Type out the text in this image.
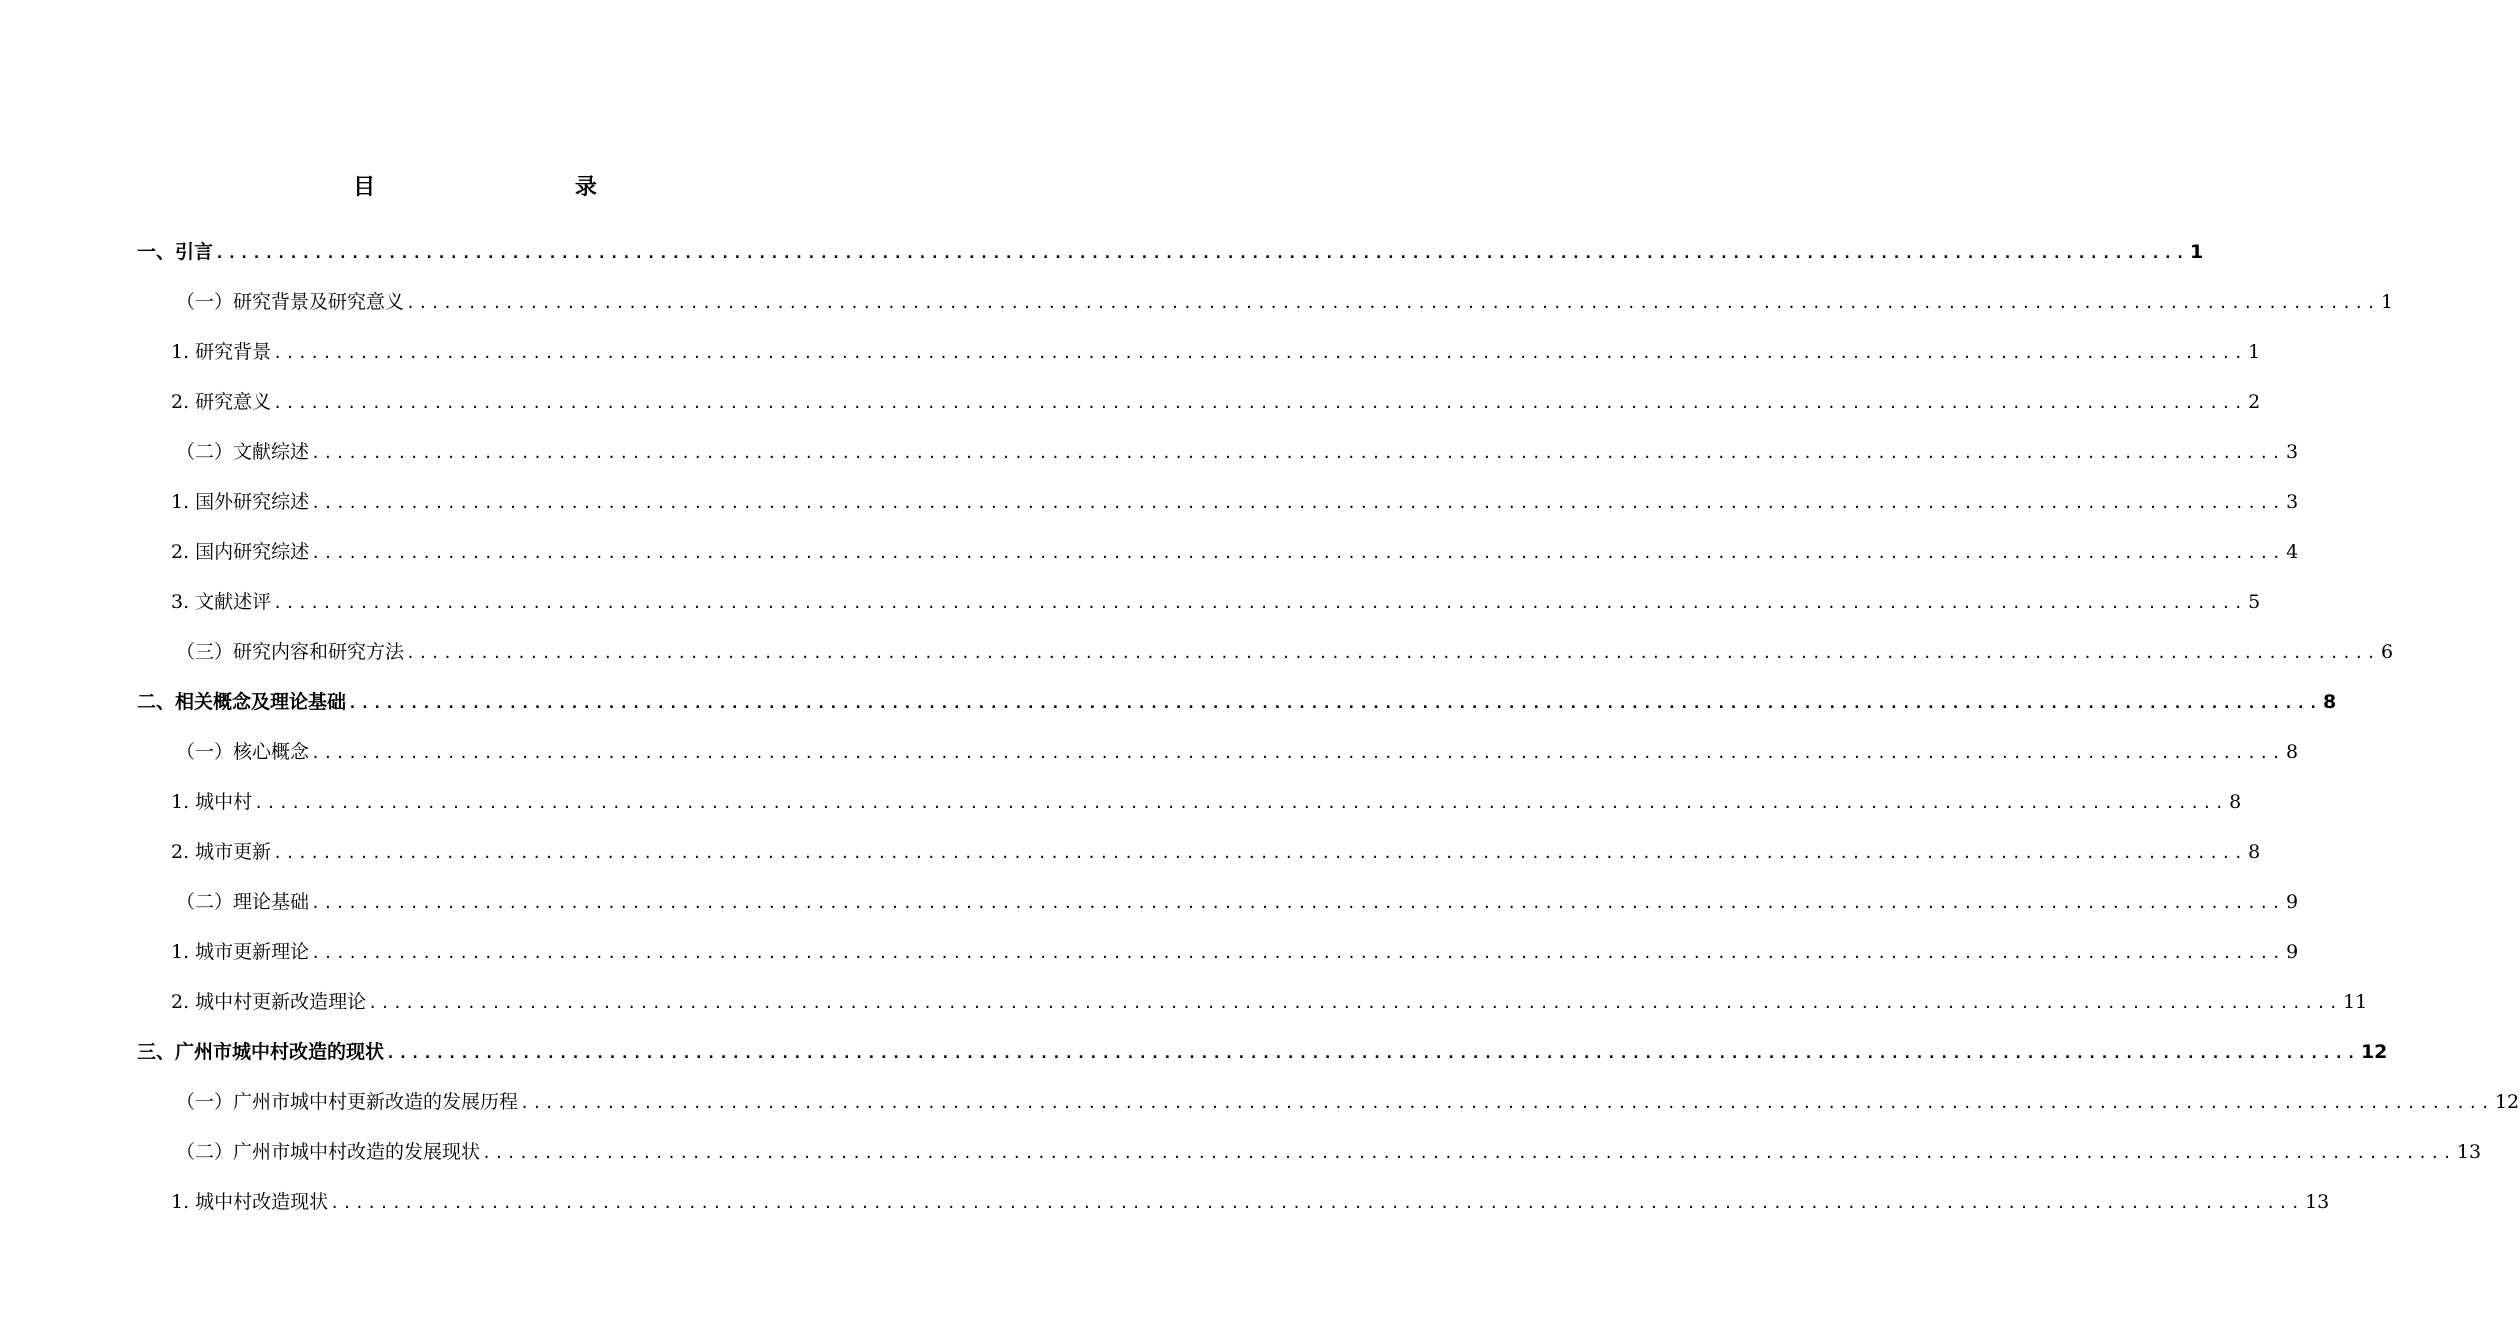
目 录
一、引言 ................................................................................................................................................................ 1
（一）研究背景及研究意义 ................................................................................................................................................................ 1
1. 研究背景 ................................................................................................................................................................ 1
2. 研究意义 ................................................................................................................................................................ 2
（二）文献综述 ................................................................................................................................................................ 3
1. 国外研究综述 ................................................................................................................................................................ 3
2. 国内研究综述 ................................................................................................................................................................ 4
3. 文献述评 ................................................................................................................................................................ 5
（三）研究内容和研究方法 ................................................................................................................................................................ 6
二、相关概念及理论基础 ................................................................................................................................................................ 8
（一）核心概念 ................................................................................................................................................................ 8
1. 城中村 ................................................................................................................................................................ 8
2. 城市更新 ................................................................................................................................................................ 8
（二）理论基础 ................................................................................................................................................................ 9
1. 城市更新理论 ................................................................................................................................................................ 9
2. 城中村更新改造理论 ................................................................................................................................................................ 11
三、广州市城中村改造的现状 ................................................................................................................................................................ 12
（一）广州市城中村更新改造的发展历程 ................................................................................................................................................................ 12
（二）广州市城中村改造的发展现状 ................................................................................................................................................................ 13
1. 城中村改造现状 ................................................................................................................................................................ 13
